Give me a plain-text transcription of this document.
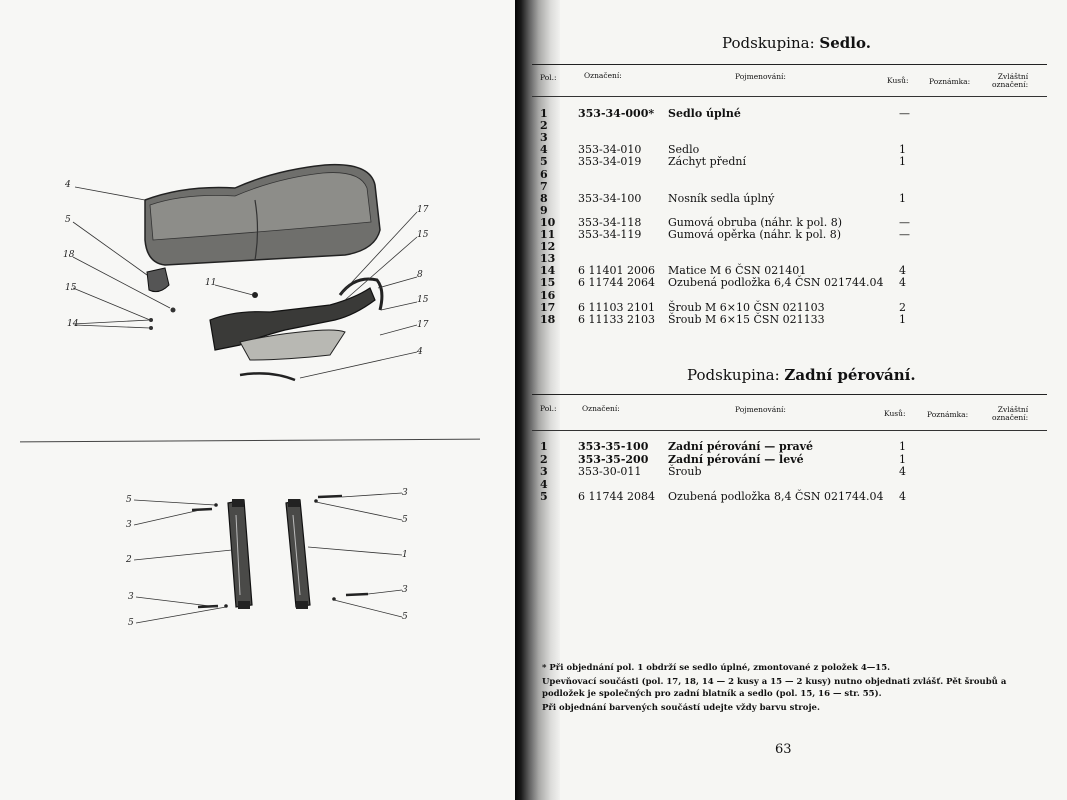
4
5
18
15
14
11
17
15
8
15
17
4
5
3
2
3
5
3
5
1
3
5
Podskupina: Sedlo.
Pol.:	Označení:	Pojmenování:	Kusů:	Poznámka:
Zvláštní
označení:
1	353-34-000* Sedlo úplné	—
2
3
4	353-34-010 Sedlo	1
5	353-34-019 Záchyt přední	1
6
7
8	353-34-100 Nosník sedla úplný	1
9
10	353-34-118 Gumová obruba (náhr. k pol. 8)	—
11	353-34-119 Gumová opěrka (náhr. k pol. 8)	—
12
13
14	6 11401 2006 Matice M 6 ČSN 021401	4
15	6 11744 2064 Ozubená podložka 6,4 ČSN 021744.04 4
16
17	6 11103 2101 Šroub M 6×10 ČSN 021103	2
18	6 11133 2103 Šroub M 6×15 ČSN 021133	1
Podskupina: Zadní pérování.
Pol.:	Označení:	Pojmenování:	Kusů:	Poznámka:
Zvláštní
označení:
1	353-35-100 Zadní pérování — pravé	1
2	353-35-200 Zadní pérování — levé	1
3	353-30-011 Šroub	4
4
5	6 11744 2084 Ozubená podložka 8,4 ČSN 021744.04 4

* Při objednání pol. 1 obdrží se sedlo úplné, zmontované z položek 4—15.

Upevňovací součásti (pol. 17, 18, 14 — 2 kusy a 15 — 2 kusy) nutno objednati zvlášť. Pět šroubů a podložek je společných pro zadní blatník a sedlo (pol. 15, 16 — str. 55).

Při objednání barvených součástí udejte vždy barvu stroje.

63
